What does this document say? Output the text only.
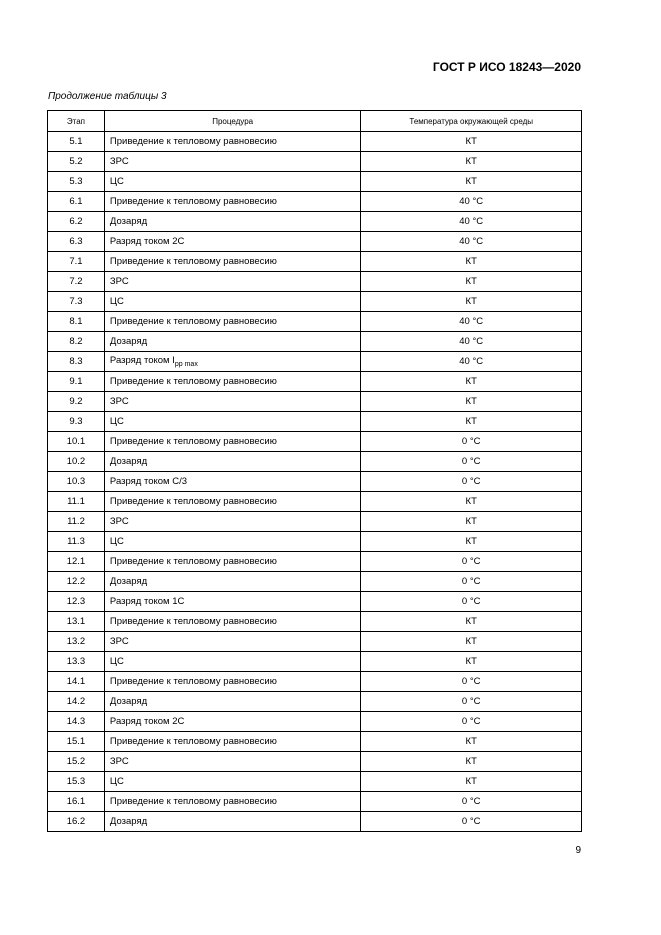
ГОСТ Р ИСО 18243—2020
Продолжение таблицы 3
Этап	Процедура	Температура окружающей среды
5.1	Приведение к тепловому равновесию	КТ
5.2	ЗРС	КТ
5.3	ЦС	КТ
6.1	Приведение к тепловому равновесию	40 °C
6.2	Дозаряд	40 °C
6.3	Разряд током 2C	40 °C
7.1	Приведение к тепловому равновесию	КТ
7.2	ЗРС	КТ
7.3	ЦС	КТ
8.1	Приведение к тепловому равновесию	40 °C
8.2	Дозаряд	40 °C
8.3	Разряд током $I_{pp max}$	40 °C
9.1	Приведение к тепловому равновесию	КТ
9.2	ЗРС	КТ
9.3	ЦС	КТ
10.1	Приведение к тепловому равновесию	0 °C
10.2	Дозаряд	0 °C
10.3	Разряд током C/3	0 °C
11.1	Приведение к тепловому равновесию	КТ
11.2	ЗРС	КТ
11.3	ЦС	КТ
12.1	Приведение к тепловому равновесию	0 °C
12.2	Дозаряд	0 °C
12.3	Разряд током 1C	0 °C
13.1	Приведение к тепловому равновесию	КТ
13.2	ЗРС	КТ
13.3	ЦС	КТ
14.1	Приведение к тепловому равновесию	0 °C
14.2	Дозаряд	0 °C
14.3	Разряд током 2C	0 °C
15.1	Приведение к тепловому равновесию	КТ
15.2	ЗРС	КТ
15.3	ЦС	КТ
16.1	Приведение к тепловому равновесию	0 °C
16.2	Дозаряд	0 °C
9
